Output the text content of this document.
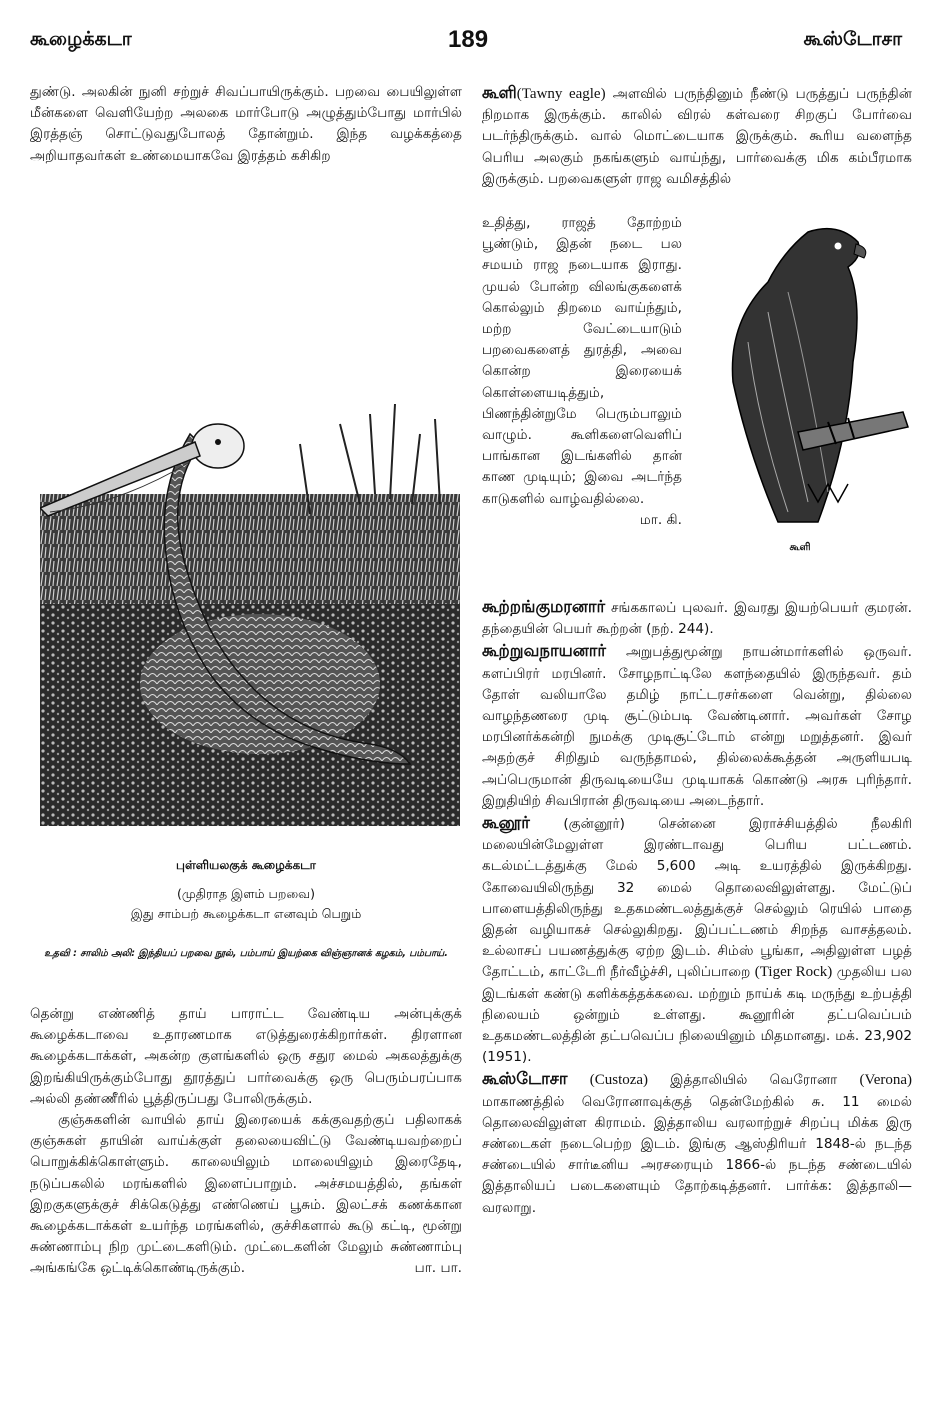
கூழைக்கடா	189	கூஸ்டோசா

துண்டு. அலகின் நுனி சற்றுச் சிவப்பாயிருக்கும். பறவை பையிலுள்ள மீன்களை வெளியேற்ற அலகை மார்போடு அழுத்தும்போது மார்பில் இரத்தஞ் சொட்டுவதுபோலத் தோன்றும். இந்த வழக்கத்தை அறியாதவர்கள் உண்மையாகவே இரத்தம் கசிகிற

புள்ளியலகுக் கூழைக்கடா
(முதிராத இளம் பறவை)
இது சாம்பற் கூழைக்கடா எனவும் பெறும்
உதவி : சாலிம் அலி: இந்தியப் பறவை நூல், பம்பாய் இயற்கை விஞ்ஞானக் கழகம், பம்பாய்.

தென்று எண்ணித் தாய் பாராட்ட வேண்டிய அன்புக்குக் கூழைக்கடாவை உதாரணமாக எடுத்துரைக்கிறார்கள். திரளான கூழைக்கடாக்கள், அகன்ற குளங்களில் ஒரு சதுர மைல் அகலத்துக்கு இறங்கியிருக்கும்போது தூரத்துப் பார்வைக்கு ஒரு பெரும்பரப்பாக அல்லி தண்ணீரில் பூத்திருப்பது போலிருக்கும்.

குஞ்சுகளின் வாயில் தாய் இரையைக் கக்குவதற்குப் பதிலாகக் குஞ்சுகள் தாயின் வாய்க்குள் தலையைவிட்டு வேண்டியவற்றைப் பொறுக்கிக்கொள்ளும். காலையிலும் மாலையிலும் இரைதேடி, நடுப்பகலில் மரங்களில் இளைப்பாறும். அச்சமயத்தில், தங்கள் இறகுகளுக்குச் சிக்கெடுத்து எண்ணெய் பூசும். இலட்சக் கணக்கான கூழைக்கடாக்கள் உயர்ந்த மரங்களில், குச்சிகளால் கூடு கட்டி, மூன்று சுண்ணாம்பு நிற முட்டைகளிடும். முட்டைகளின் மேலும் சுண்ணாம்பு அங்கங்கே ஒட்டிக்கொண்டிருக்கும்.	பா. பா.

கூளி(Tawny eagle) அளவில் பருந்தினும் நீண்டு பருத்துப் பருந்தின் நிறமாக இருக்கும். காலில் விரல் கள்வரை சிறகுப் போர்வை படர்ந்திருக்கும். வால் மொட்டையாக இருக்கும். கூரிய வளைந்த பெரிய அலகும் நகங்களும் வாய்ந்து, பார்வைக்கு மிக கம்பீரமாக இருக்கும். பறவைகளுள் ராஜ வமிசத்தில்

உதித்து, ராஜத் தோற்றம் பூண்டும், இதன் நடை பல சமயம் ராஜ நடையாக இராது. முயல் போன்ற விலங்குகளைக் கொல்லும் திறமை வாய்ந்தும், மற்ற வேட்டையாடும் பறவைகளைத் துரத்தி, அவை கொன்ற இரையைக் கொள்ளையடித்தும், பிணந்தின்றுமே பெரும்பாலும் வாழும். கூளிகளைவெளிப் பாங்கான இடங்களில் தான் காண முடியும்; இவை அடர்ந்த காடுகளில் வாழ்வதில்லை.
மா. கி.
கூளி

கூற்றங்குமரனார் சங்ககாலப் புலவர். இவரது இயற்பெயர் குமரன். தந்தையின் பெயர் கூற்றன் (நற். 244).

கூற்றுவநாயனார் அறுபத்துமூன்று நாயன்மார்களில் ஒருவர். களப்பிரர் மரபினர். சோழநாட்டிலே களந்தையில் இருந்தவர். தம் தோள் வலியாலே தமிழ் நாட்டரசர்களை வென்று, தில்லை வாழந்தணரை முடி சூட்டும்படி வேண்டினார். அவர்கள் சோழ மரபினர்க்கன்றி நுமக்கு முடிசூட்டோம் என்று மறுத்தனர். இவர் அதற்குச் சிறிதும் வருந்தாமல், தில்லைக்கூத்தன் அருளியபடி அப்பெருமான் திருவடியையே முடியாகக் கொண்டு அரசு புரிந்தார். இறுதியிற் சிவபிரான் திருவடியை அடைந்தார்.

கூனூர் (குன்னூர்) சென்னை இராச்சியத்தில் நீலகிரி மலையின்மேலுள்ள இரண்டாவது பெரிய பட்டணம். கடல்மட்டத்துக்கு மேல் 5,600 அடி உயரத்தில் இருக்கிறது. கோவையிலிருந்து 32 மைல் தொலைவிலுள்ளது. மேட்டுப் பாளையத்திலிருந்து உதகமண்டலத்துக்குச் செல்லும் ரெயில் பாதை இதன் வழியாகச் செல்லுகிறது. இப்பட்டணம் சிறந்த வாசத்தலம். உல்லாசப் பயணத்துக்கு ஏற்ற இடம். சிம்ஸ் பூங்கா, அதிலுள்ள பழத் தோட்டம், காட்டேரி நீர்வீழ்ச்சி, புலிப்பாறை (Tiger Rock) முதலிய பல இடங்கள் கண்டு களிக்கத்தக்கவை. மற்றும் நாய்க் கடி மருந்து உற்பத்தி நிலையம் ஒன்றும் உள்ளது. கூனூரின் தட்பவெப்பம் உதகமண்டலத்தின் தட்பவெப்ப நிலையினும் மிதமானது. மக். 23,902 (1951).

கூஸ்டோசா (Custoza) இத்தாலியில் வெரோனா (Verona) மாகாணத்தில் வெரோனாவுக்குத் தென்மேற்கில் சு. 11 மைல் தொலைவிலுள்ள கிராமம். இத்தாலிய வரலாற்றுச் சிறப்பு மிக்க இரு சண்டைகள் நடைபெற்ற இடம். இங்கு ஆஸ்திரியர் 1848-ல் நடந்த சண்டையில் சார்டீனிய அரசரையும் 1866-ல் நடந்த சண்டையில் இத்தாலியப் படைகளையும் தோற்கடித்தனர். பார்க்க: இத்தாலி—வரலாறு.
